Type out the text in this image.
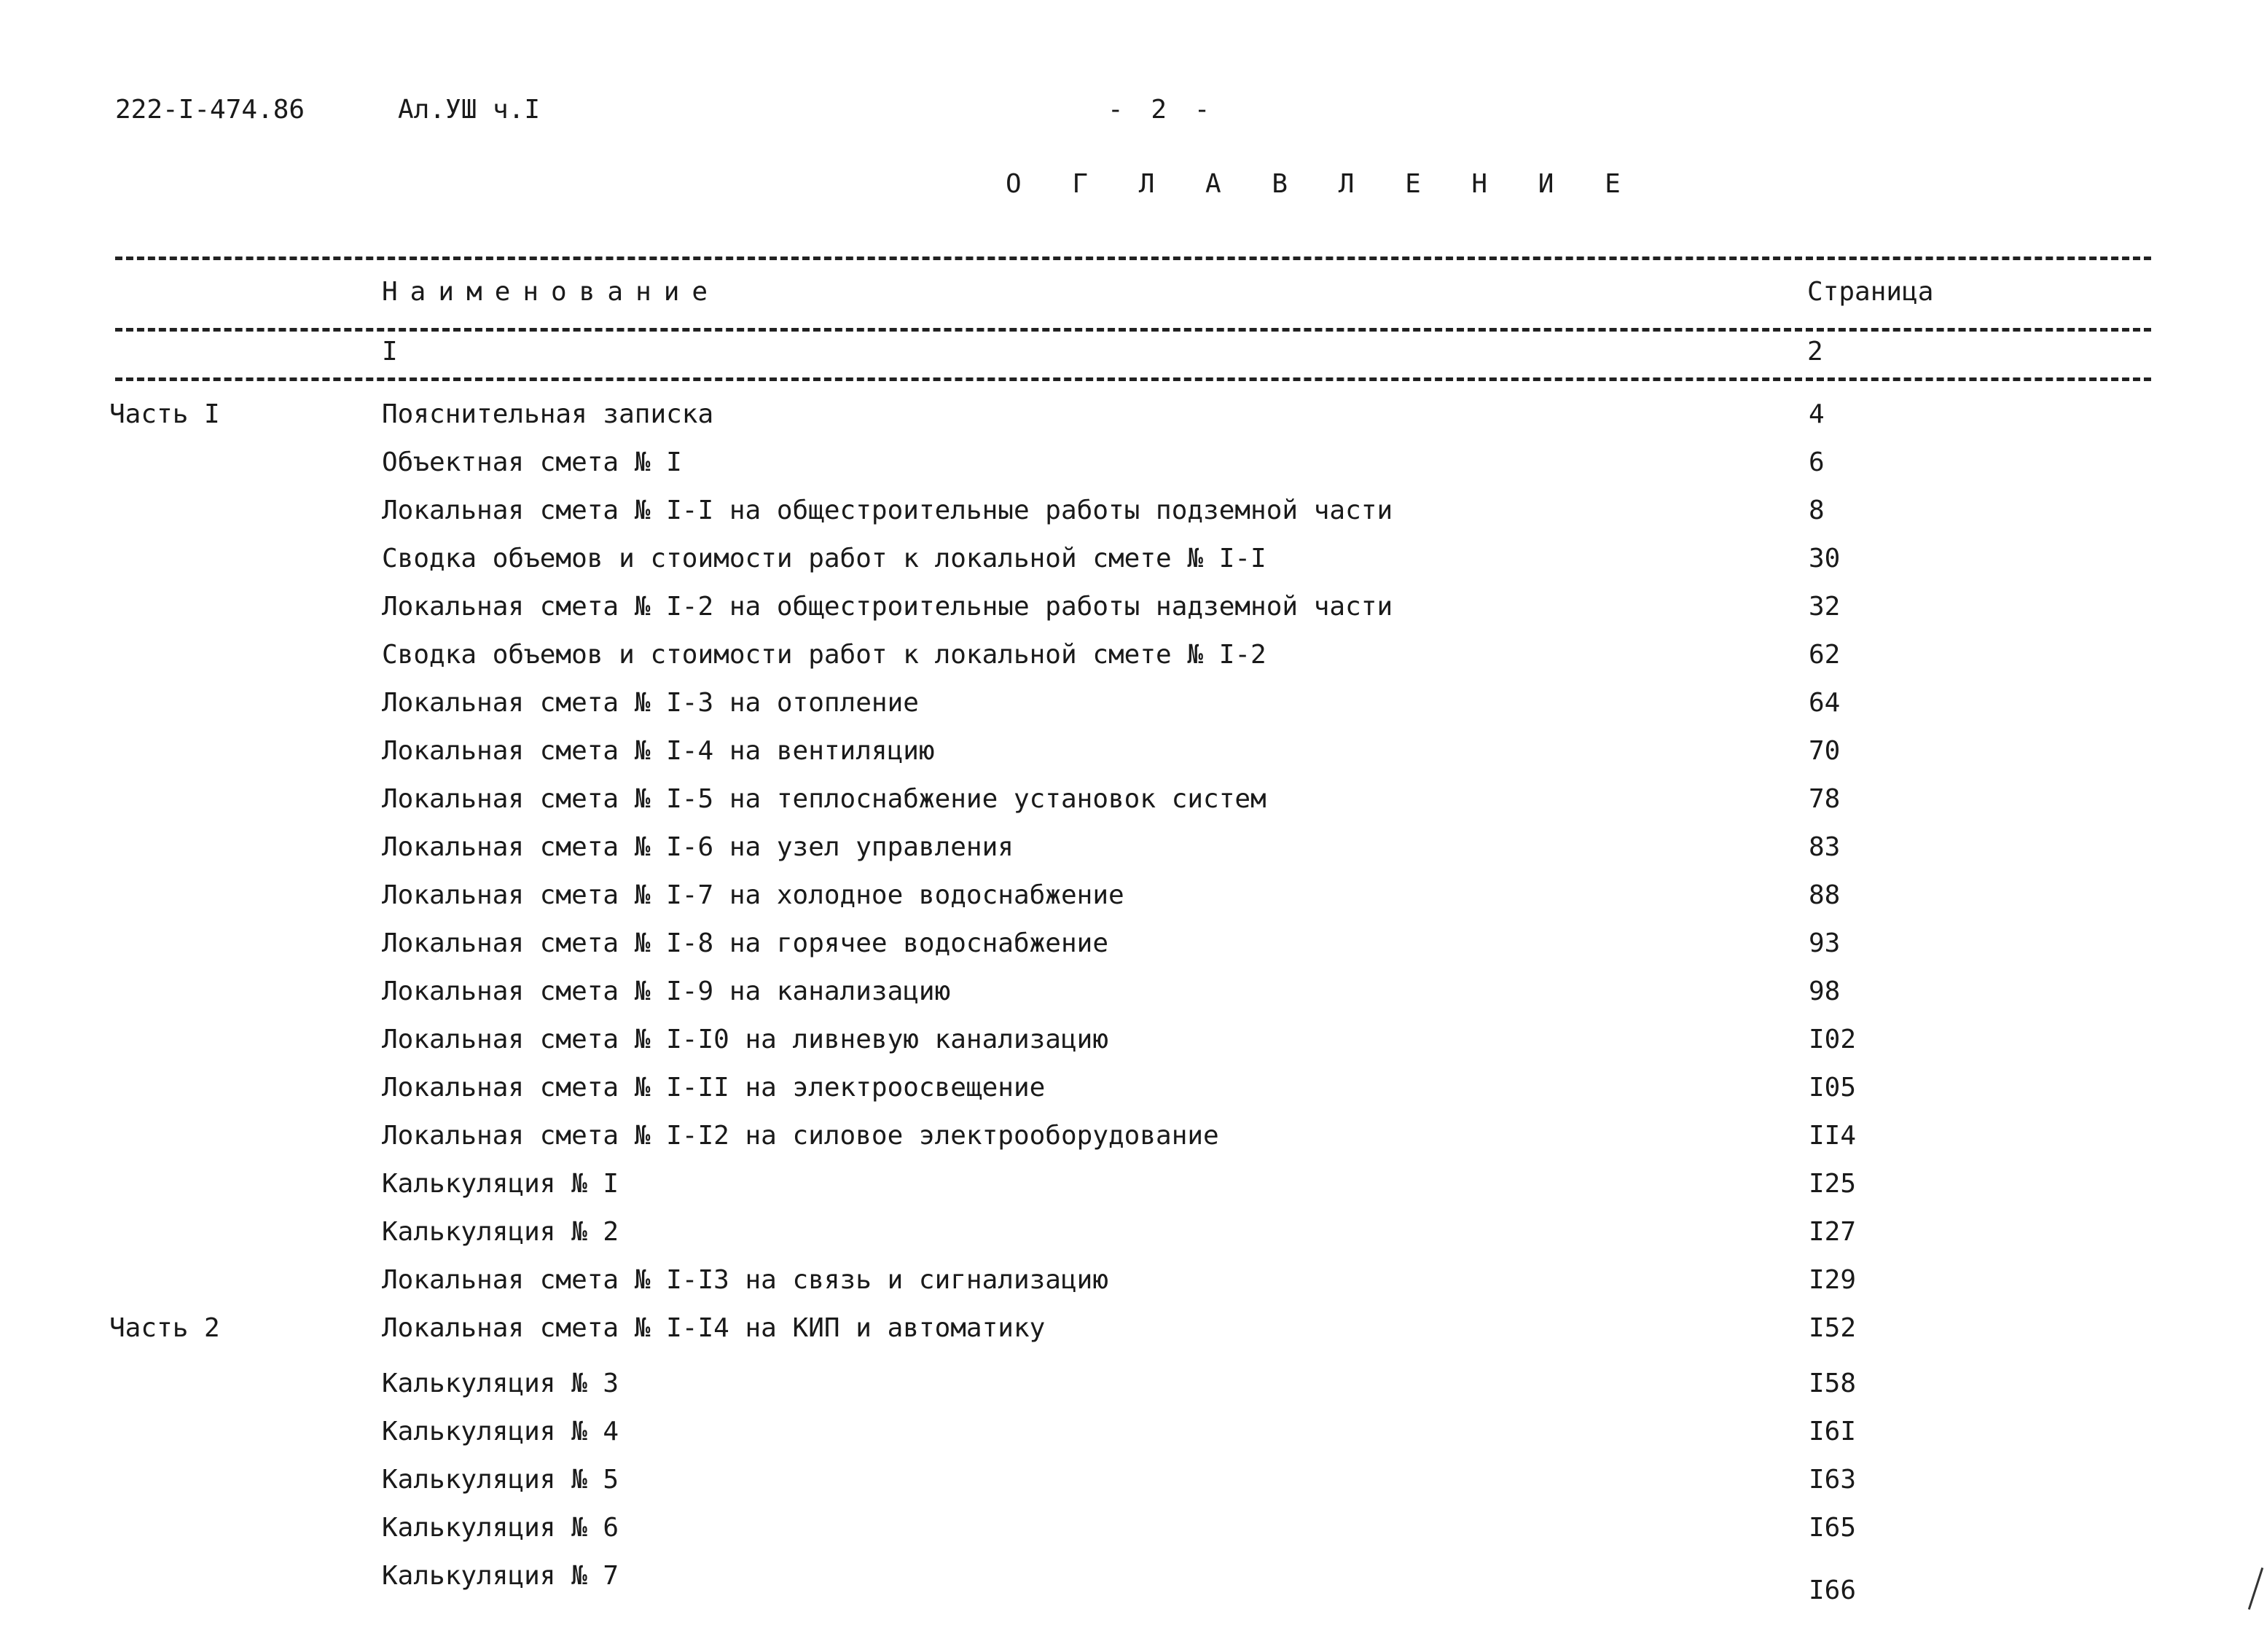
222-I-474.86	Ал.УШ ч.I	- 2 -
О Г Л А В Л Е Н И Е
Наименование	Страница
I	2
Часть I	Пояснительная записка	4
Объектная смета № I	6
Локальная смета № I-I на общестроительные работы подземной части	8
Сводка объемов и стоимости работ к локальной смете № I-I	30
Локальная смета № I-2 на общестроительные работы надземной части	32
Сводка объемов и стоимости работ к локальной смете № I-2	62
Локальная смета № I-3 на отопление	64
Локальная смета № I-4 на вентиляцию	70
Локальная смета № I-5 на теплоснабжение установок систем	78
Локальная смета № I-6 на узел управления	83
Локальная смета № I-7 на холодное водоснабжение	88
Локальная смета № I-8 на горячее водоснабжение	93
Локальная смета № I-9 на канализацию	98
Локальная смета № I-I0 на ливневую канализацию	I02
Локальная смета № I-II на электроосвещение	I05
Локальная смета № I-I2 на силовое электрооборудование	II4
Калькуляция № I	I25
Калькуляция № 2	I27
Локальная смета № I-I3 на связь и сигнализацию	I29
Часть 2	Локальная смета № I-I4 на КИП и автоматику	I52
Калькуляция № 3	I58
Калькуляция № 4	I6I
Калькуляция № 5	I63
Калькуляция № 6	I65
Калькуляция № 7	I66
